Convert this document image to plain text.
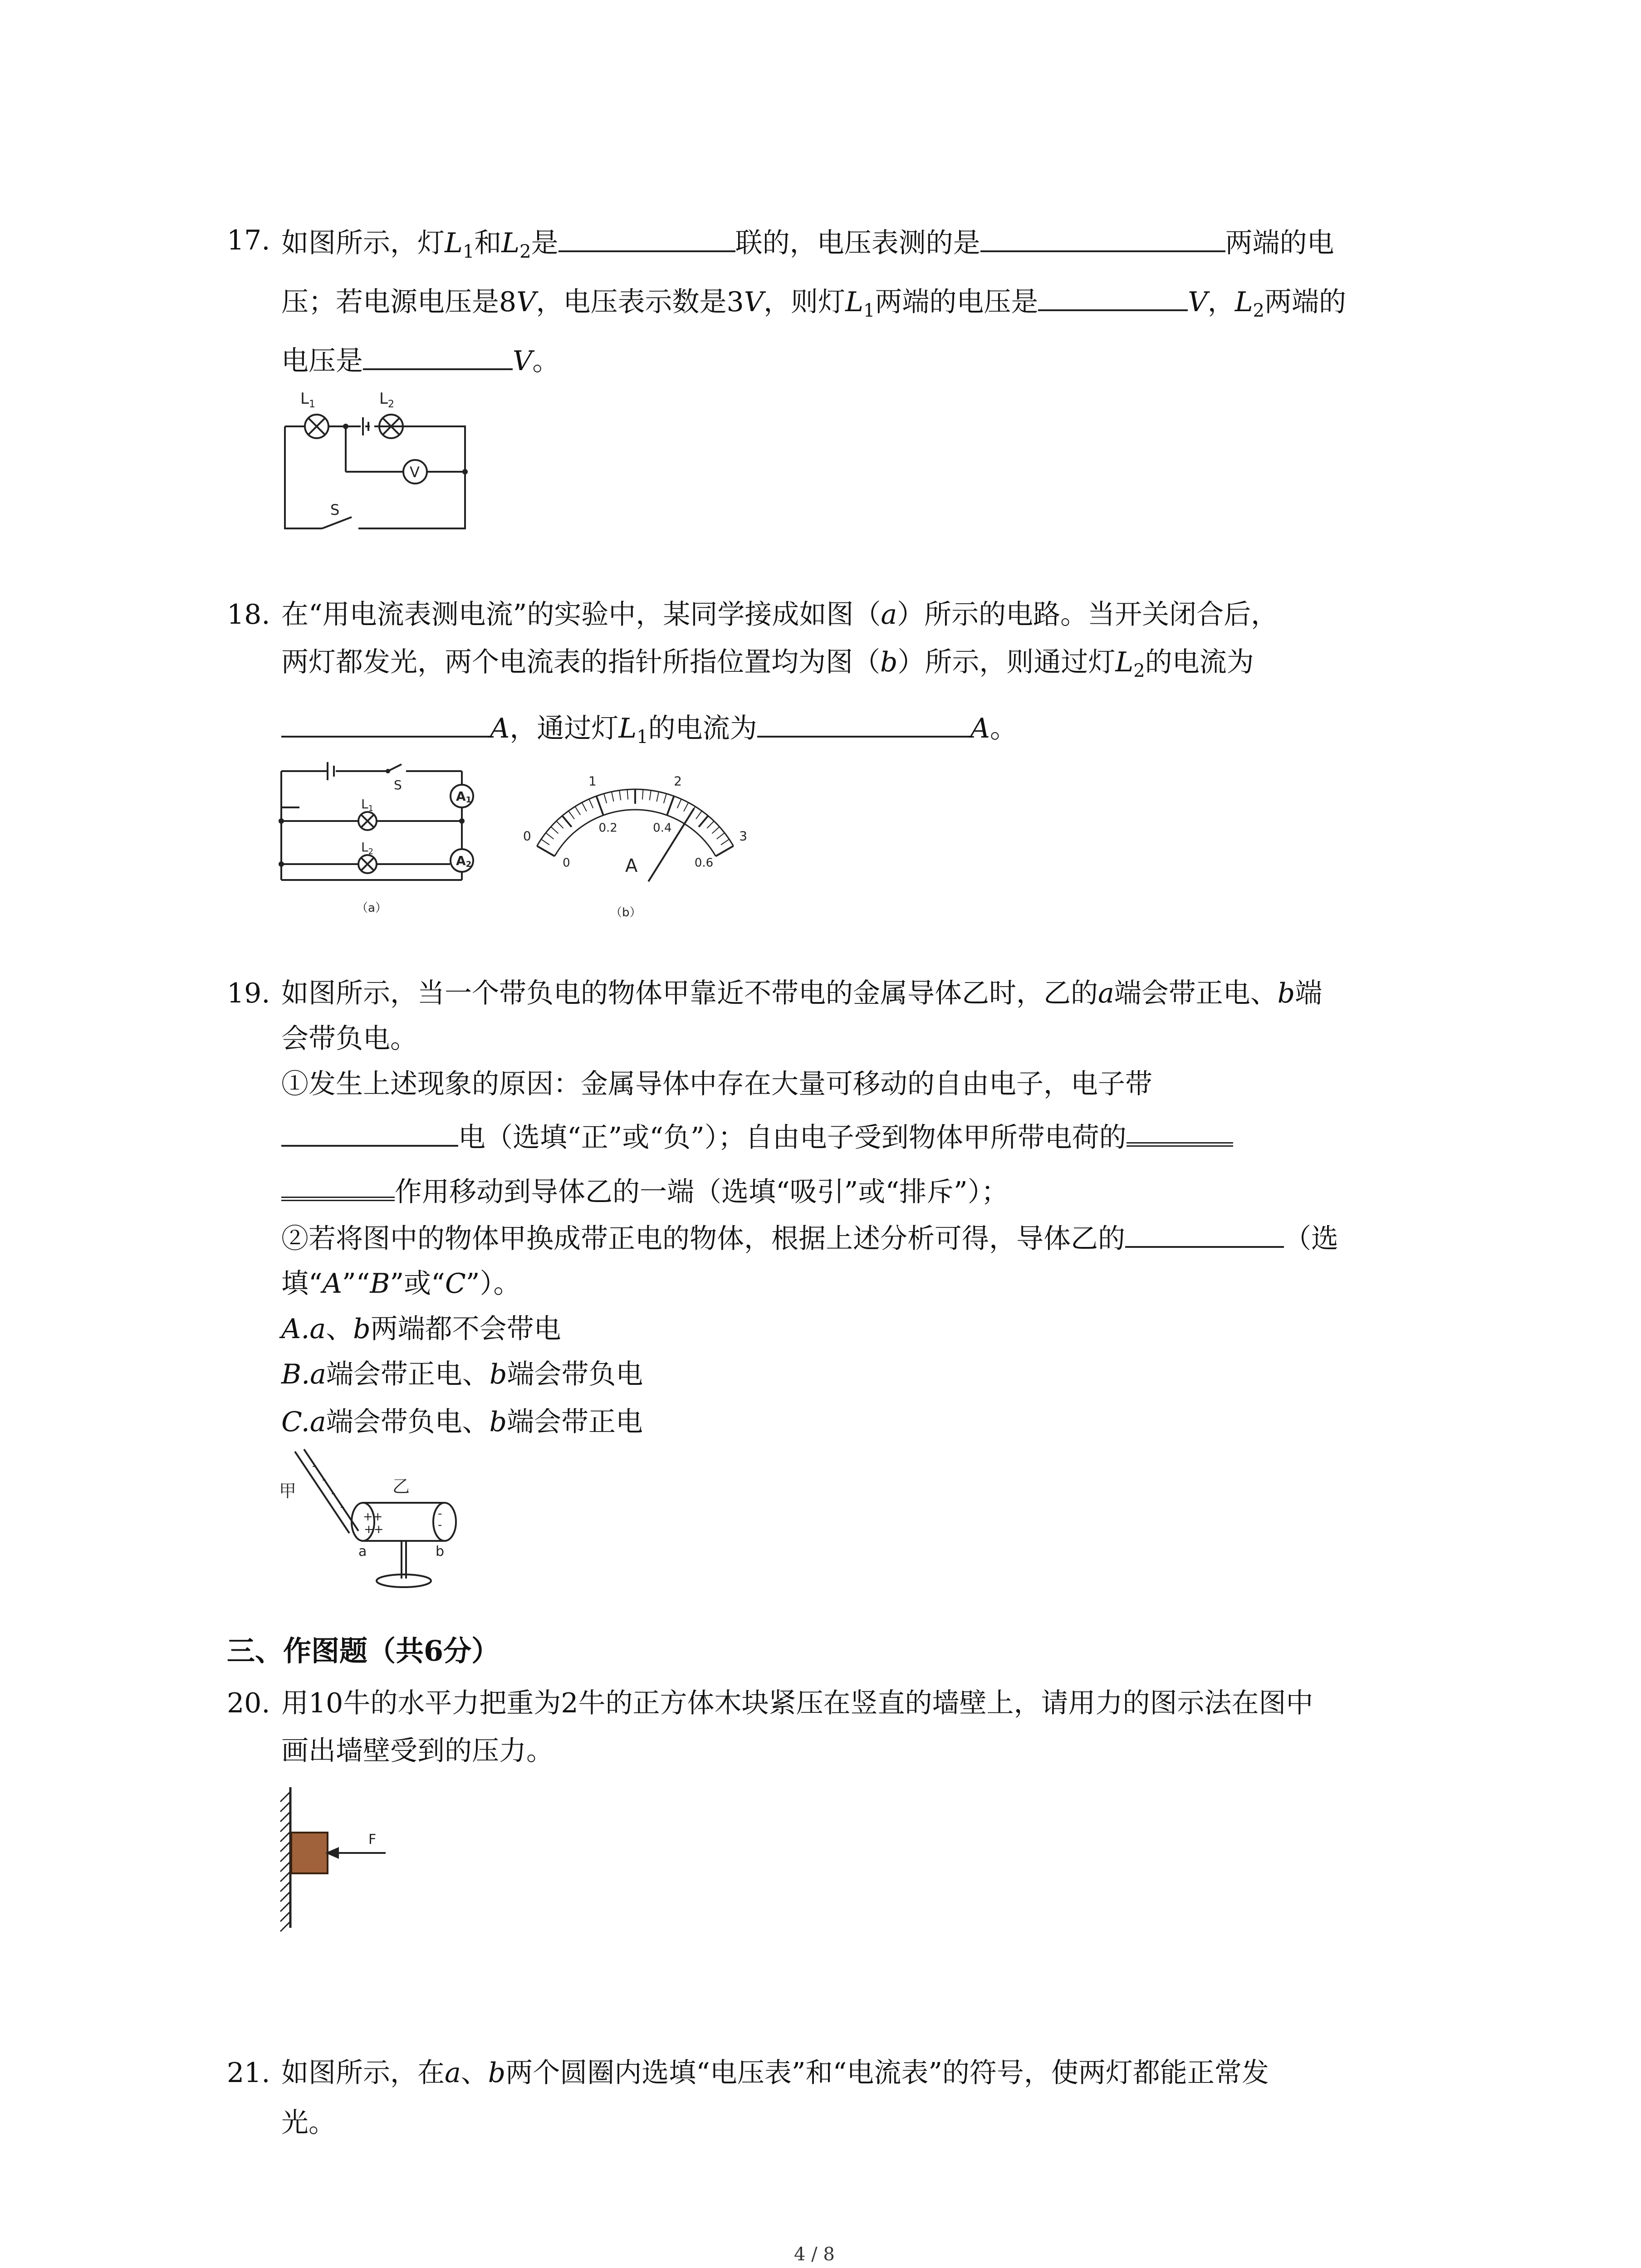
17. 如图所示，灯$L_1$和$L_2$是	联的，电压表测的是	两端的电
压；若电源电压是8V，电压表示数是3V，则灯$L_1$两端的电压是	V，$L_2$两端的
电压是	V。
$L_1$	$L_2$
V
S
18. 在“用电流表测电流”的实验中，某同学接成如图（a）所示的电路。当开关闭合后，
两灯都发光，两个电流表的指针所指位置均为图（b）所示，则通过灯$L_2$的电流为
A，通过灯$L_1$的电流为	A。
S
A1
A2
$L_1$
$L_2$
（a）
0
0
1
0.2
2
0.4
3
0.6
（b）
A
19. 如图所示，当一个带负电的物体甲靠近不带电的金属导体乙时，乙的a端会带正电、b端
会带负电。
①发生上述现象的原因：金属导体中存在大量可移动的自由电子，电子带
电（选填“正”或“负”）；自由电子受到物体甲所带电荷的
作用移动到导体乙的一端（选填“吸引”或“排斥”）；
②若将图中的物体甲换成带正电的物体，根据上述分析可得，导体乙的	（选
填“A”“B”或“C”）。
A.a、b两端都不会带电
B.a端会带正电、b端会带负电
C.a端会带负电、b端会带正电
-
-
-
-
++
++
-
-
甲	乙
a	b
三、作图题（共6分）
20. 用10牛的水平力把重为2牛的正方体木块紧压在竖直的墙壁上，请用力的图示法在图中
画出墙壁受到的压力。
F
21. 如图所示，在a、b两个圆圈内选填“电压表”和“电流表”的符号，使两灯都能正常发
光。
4 / 8
